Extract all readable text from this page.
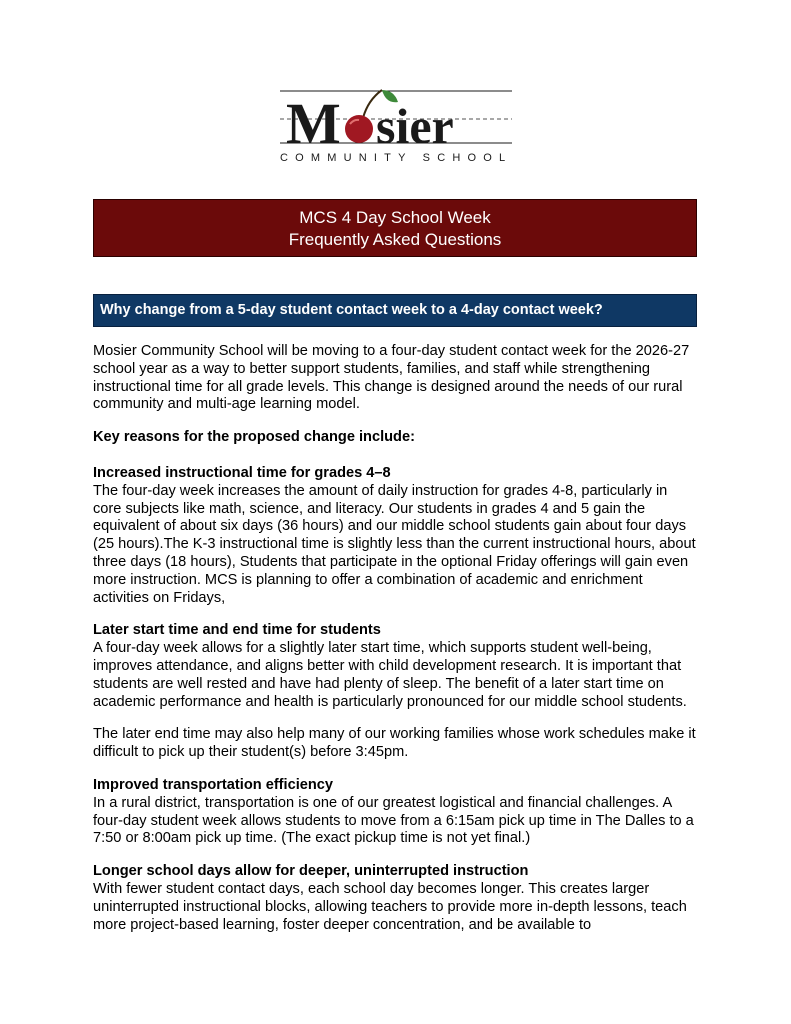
M sier
COMMUNITY SCHOOL
MCS 4 Day School Week
Frequently Asked Questions
Why change from a 5-day student contact week to a 4-day contact week?

Mosier Community School will be moving to a four-day student contact week for the 2026-27 school year as a way to better support students, families, and staff while strengthening instructional time for all grade levels. This change is designed around the needs of our rural community and multi-age learning model.

Key reasons for the proposed change include:

Increased instructional time for grades 4–8

The four-day week increases the amount of daily instruction for grades 4-8, particularly in core subjects like math, science, and literacy. Our students in grades 4 and 5 gain the equivalent of about six days (36 hours) and our middle school students gain about four days (25 hours).The K-3 instructional time is slightly less than the current instructional hours, about three days (18 hours), Students that participate in the optional Friday offerings will gain even more instruction. MCS is planning to offer a combination of academic and enrichment activities on Fridays,

Later start time and end time for students

A four-day week allows for a slightly later start time, which supports student well-being, improves attendance, and aligns better with child development research. It is important that students are well rested and have had plenty of sleep. The benefit of a later start time on academic performance and health is particularly pronounced for our middle school students.

The later end time may also help many of our working families whose work schedules make it difficult to pick up their student(s) before 3:45pm.

Improved transportation efficiency

In a rural district, transportation is one of our greatest logistical and financial challenges. A four-day student week allows students to move from a 6:15am pick up time in The Dalles to a 7:50 or 8:00am pick up time. (The exact pickup time is not yet final.)

Longer school days allow for deeper, uninterrupted instruction

With fewer student contact days, each school day becomes longer. This creates larger uninterrupted instructional blocks, allowing teachers to provide more in-depth lessons, teach more project-based learning, foster deeper concentration, and be available to
